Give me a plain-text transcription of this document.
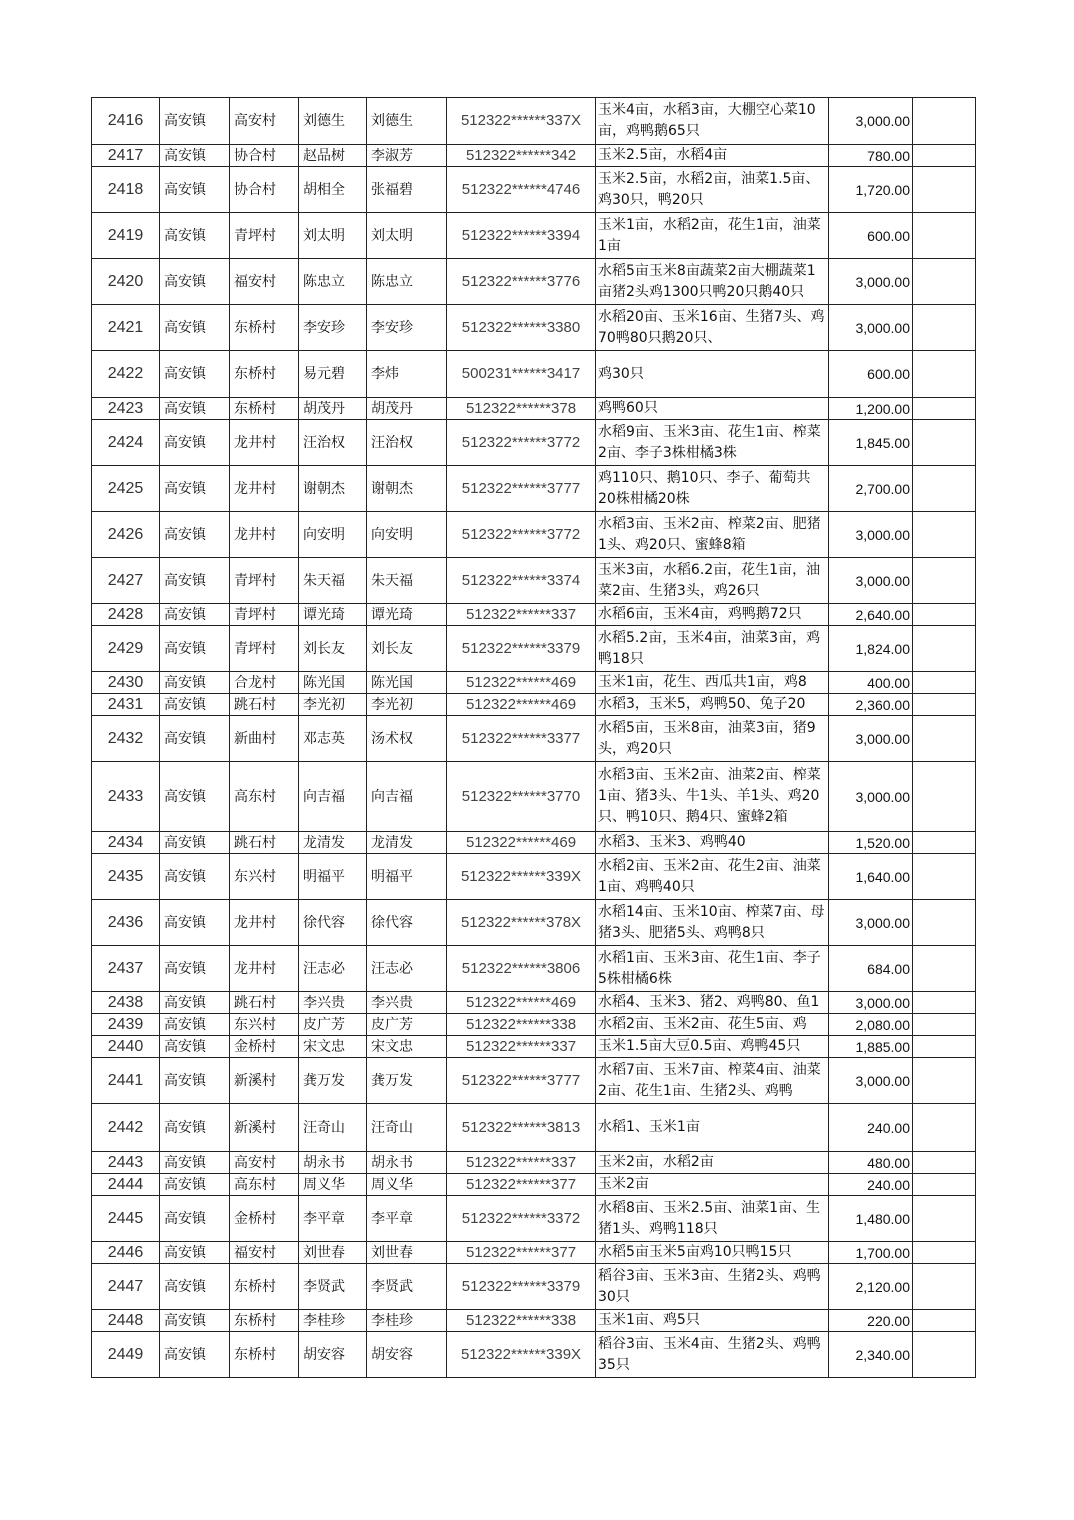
2416	高安镇	高安村	刘德生	刘德生	512322******337X	玉米4亩，水稻3亩，大棚空心菜10亩，鸡鸭鹅65只	3,000.00	
2417	高安镇	协合村	赵品树	李淑芳	512322******342	玉米2.5亩，水稻4亩	780.00	
2418	高安镇	协合村	胡相全	张福碧	512322******4746	玉米2.5亩，水稻2亩，油菜1.5亩、鸡30只，鸭20只	1,720.00	
2419	高安镇	青坪村	刘太明	刘太明	512322******3394	玉米1亩，水稻2亩，花生1亩，油菜1亩	600.00	
2420	高安镇	福安村	陈忠立	陈忠立	512322******3776	水稻5亩玉米8亩蔬菜2亩大棚蔬菜1亩猪2头鸡1300只鸭20只鹅40只	3,000.00	
2421	高安镇	东桥村	李安珍	李安珍	512322******3380	水稻20亩、玉米16亩、生猪7头、鸡70鸭80只鹅20只、	3,000.00	
2422	高安镇	东桥村	易元碧	李炜	500231******3417	鸡30只	600.00	
2423	高安镇	东桥村	胡茂丹	胡茂丹	512322******378	鸡鸭60只	1,200.00	
2424	高安镇	龙井村	汪治权	汪治权	512322******3772	水稻9亩、玉米3亩、花生1亩、榨菜2亩、李子3株柑橘3株	1,845.00	
2425	高安镇	龙井村	谢朝杰	谢朝杰	512322******3777	鸡110只、鹅10只、李子、葡萄共20株柑橘20株	2,700.00	
2426	高安镇	龙井村	向安明	向安明	512322******3772	水稻3亩、玉米2亩、榨菜2亩、肥猪1头、鸡20只、蜜蜂8箱	3,000.00	
2427	高安镇	青坪村	朱天福	朱天福	512322******3374	玉米3亩，水稻6.2亩，花生1亩，油菜2亩、生猪3头，鸡26只	3,000.00	
2428	高安镇	青坪村	谭光琦	谭光琦	512322******337	水稻6亩，玉米4亩，鸡鸭鹅72只	2,640.00	
2429	高安镇	青坪村	刘长友	刘长友	512322******3379	水稻5.2亩，玉米4亩，油菜3亩，鸡鸭18只	1,824.00	
2430	高安镇	合龙村	陈光国	陈光国	512322******469	玉米1亩，花生、西瓜共1亩，鸡8	400.00	
2431	高安镇	跳石村	李光初	李光初	512322******469	水稻3，玉米5，鸡鸭50、兔子20	2,360.00	
2432	高安镇	新曲村	邓志英	汤术权	512322******3377	水稻5亩，玉米8亩，油菜3亩，猪9头，鸡20只	3,000.00	
2433	高安镇	高东村	向吉福	向吉福	512322******3770	水稻3亩、玉米2亩、油菜2亩、榨菜1亩、猪3头、牛1头、羊1头、鸡20只、鸭10只、鹅4只、蜜蜂2箱	3,000.00	
2434	高安镇	跳石村	龙清发	龙清发	512322******469	水稻3、玉米3、鸡鸭40	1,520.00	
2435	高安镇	东兴村	明福平	明福平	512322******339X	水稻2亩、玉米2亩、花生2亩、油菜1亩、鸡鸭40只	1,640.00	
2436	高安镇	龙井村	徐代容	徐代容	512322******378X	水稻14亩、玉米10亩、榨菜7亩、母猪3头、肥猪5头、鸡鸭8只	3,000.00	
2437	高安镇	龙井村	汪志必	汪志必	512322******3806	水稻1亩、玉米3亩、花生1亩、李子5株柑橘6株	684.00	
2438	高安镇	跳石村	李兴贵	李兴贵	512322******469	水稻4、玉米3、猪2、鸡鸭80、鱼1	3,000.00	
2439	高安镇	东兴村	皮广芳	皮广芳	512322******338	水稻2亩、玉米2亩、花生5亩、鸡	2,080.00	
2440	高安镇	金桥村	宋文忠	宋文忠	512322******337	玉米1.5亩大豆0.5亩、鸡鸭45只	1,885.00	
2441	高安镇	新溪村	龚万发	龚万发	512322******3777	水稻7亩、玉米7亩、榨菜4亩、油菜2亩、花生1亩、生猪2头、鸡鸭	3,000.00	
2442	高安镇	新溪村	汪奇山	汪奇山	512322******3813	水稻1、玉米1亩	240.00	
2443	高安镇	高安村	胡永书	胡永书	512322******337	玉米2亩，水稻2亩	480.00	
2444	高安镇	高东村	周义华	周义华	512322******377	玉米2亩	240.00	
2445	高安镇	金桥村	李平章	李平章	512322******3372	水稻8亩、玉米2.5亩、油菜1亩、生猪1头、鸡鸭118只	1,480.00	
2446	高安镇	福安村	刘世春	刘世春	512322******377	水稻5亩玉米5亩鸡10只鸭15只	1,700.00	
2447	高安镇	东桥村	李贤武	李贤武	512322******3379	稻谷3亩、玉米3亩、生猪2头、鸡鸭30只	2,120.00	
2448	高安镇	东桥村	李桂珍	李桂珍	512322******338	玉米1亩、鸡5只	220.00	
2449	高安镇	东桥村	胡安容	胡安容	512322******339X	稻谷3亩、玉米4亩、生猪2头、鸡鸭35只	2,340.00	
